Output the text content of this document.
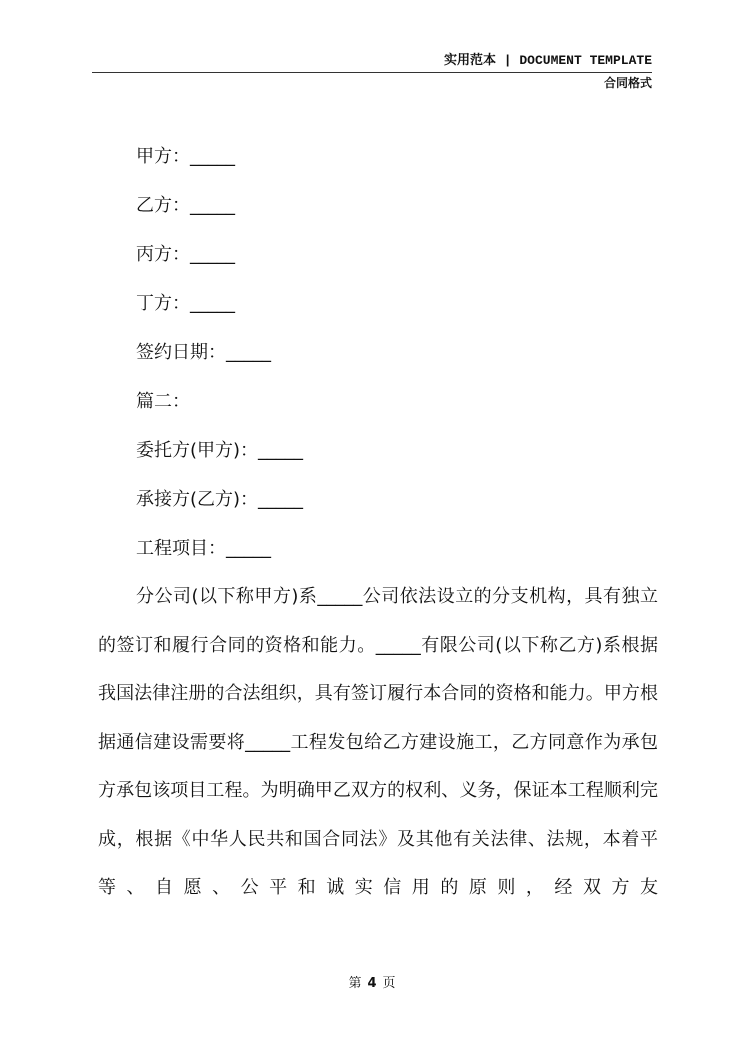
实用范本 | DOCUMENT TEMPLATE
合同格式
甲方：_____
乙方：_____
丙方：_____
丁方：_____
签约日期：_____
篇二：
委托方(甲方)：_____
承接方(乙方)：_____
工程项目：_____

分公司(以下称甲方)系_____公司依法设立的分支机构，具有独立的签订和履行合同的资格和能力。_____有限公司(以下称乙方)系根据我国法律注册的合法组织，具有签订履行本合同的资格和能力。甲方根据通信建设需要将_____工程发包给乙方建设施工，乙方同意作为承包方承包该项目工程。为明确甲乙双方的权利、义务，保证本工程顺利完成，根据《中华人民共和国合同法》及其他有关法律、法规，本着平等、自愿、公平和诚实信用的原则，经双方友

第 4 页
